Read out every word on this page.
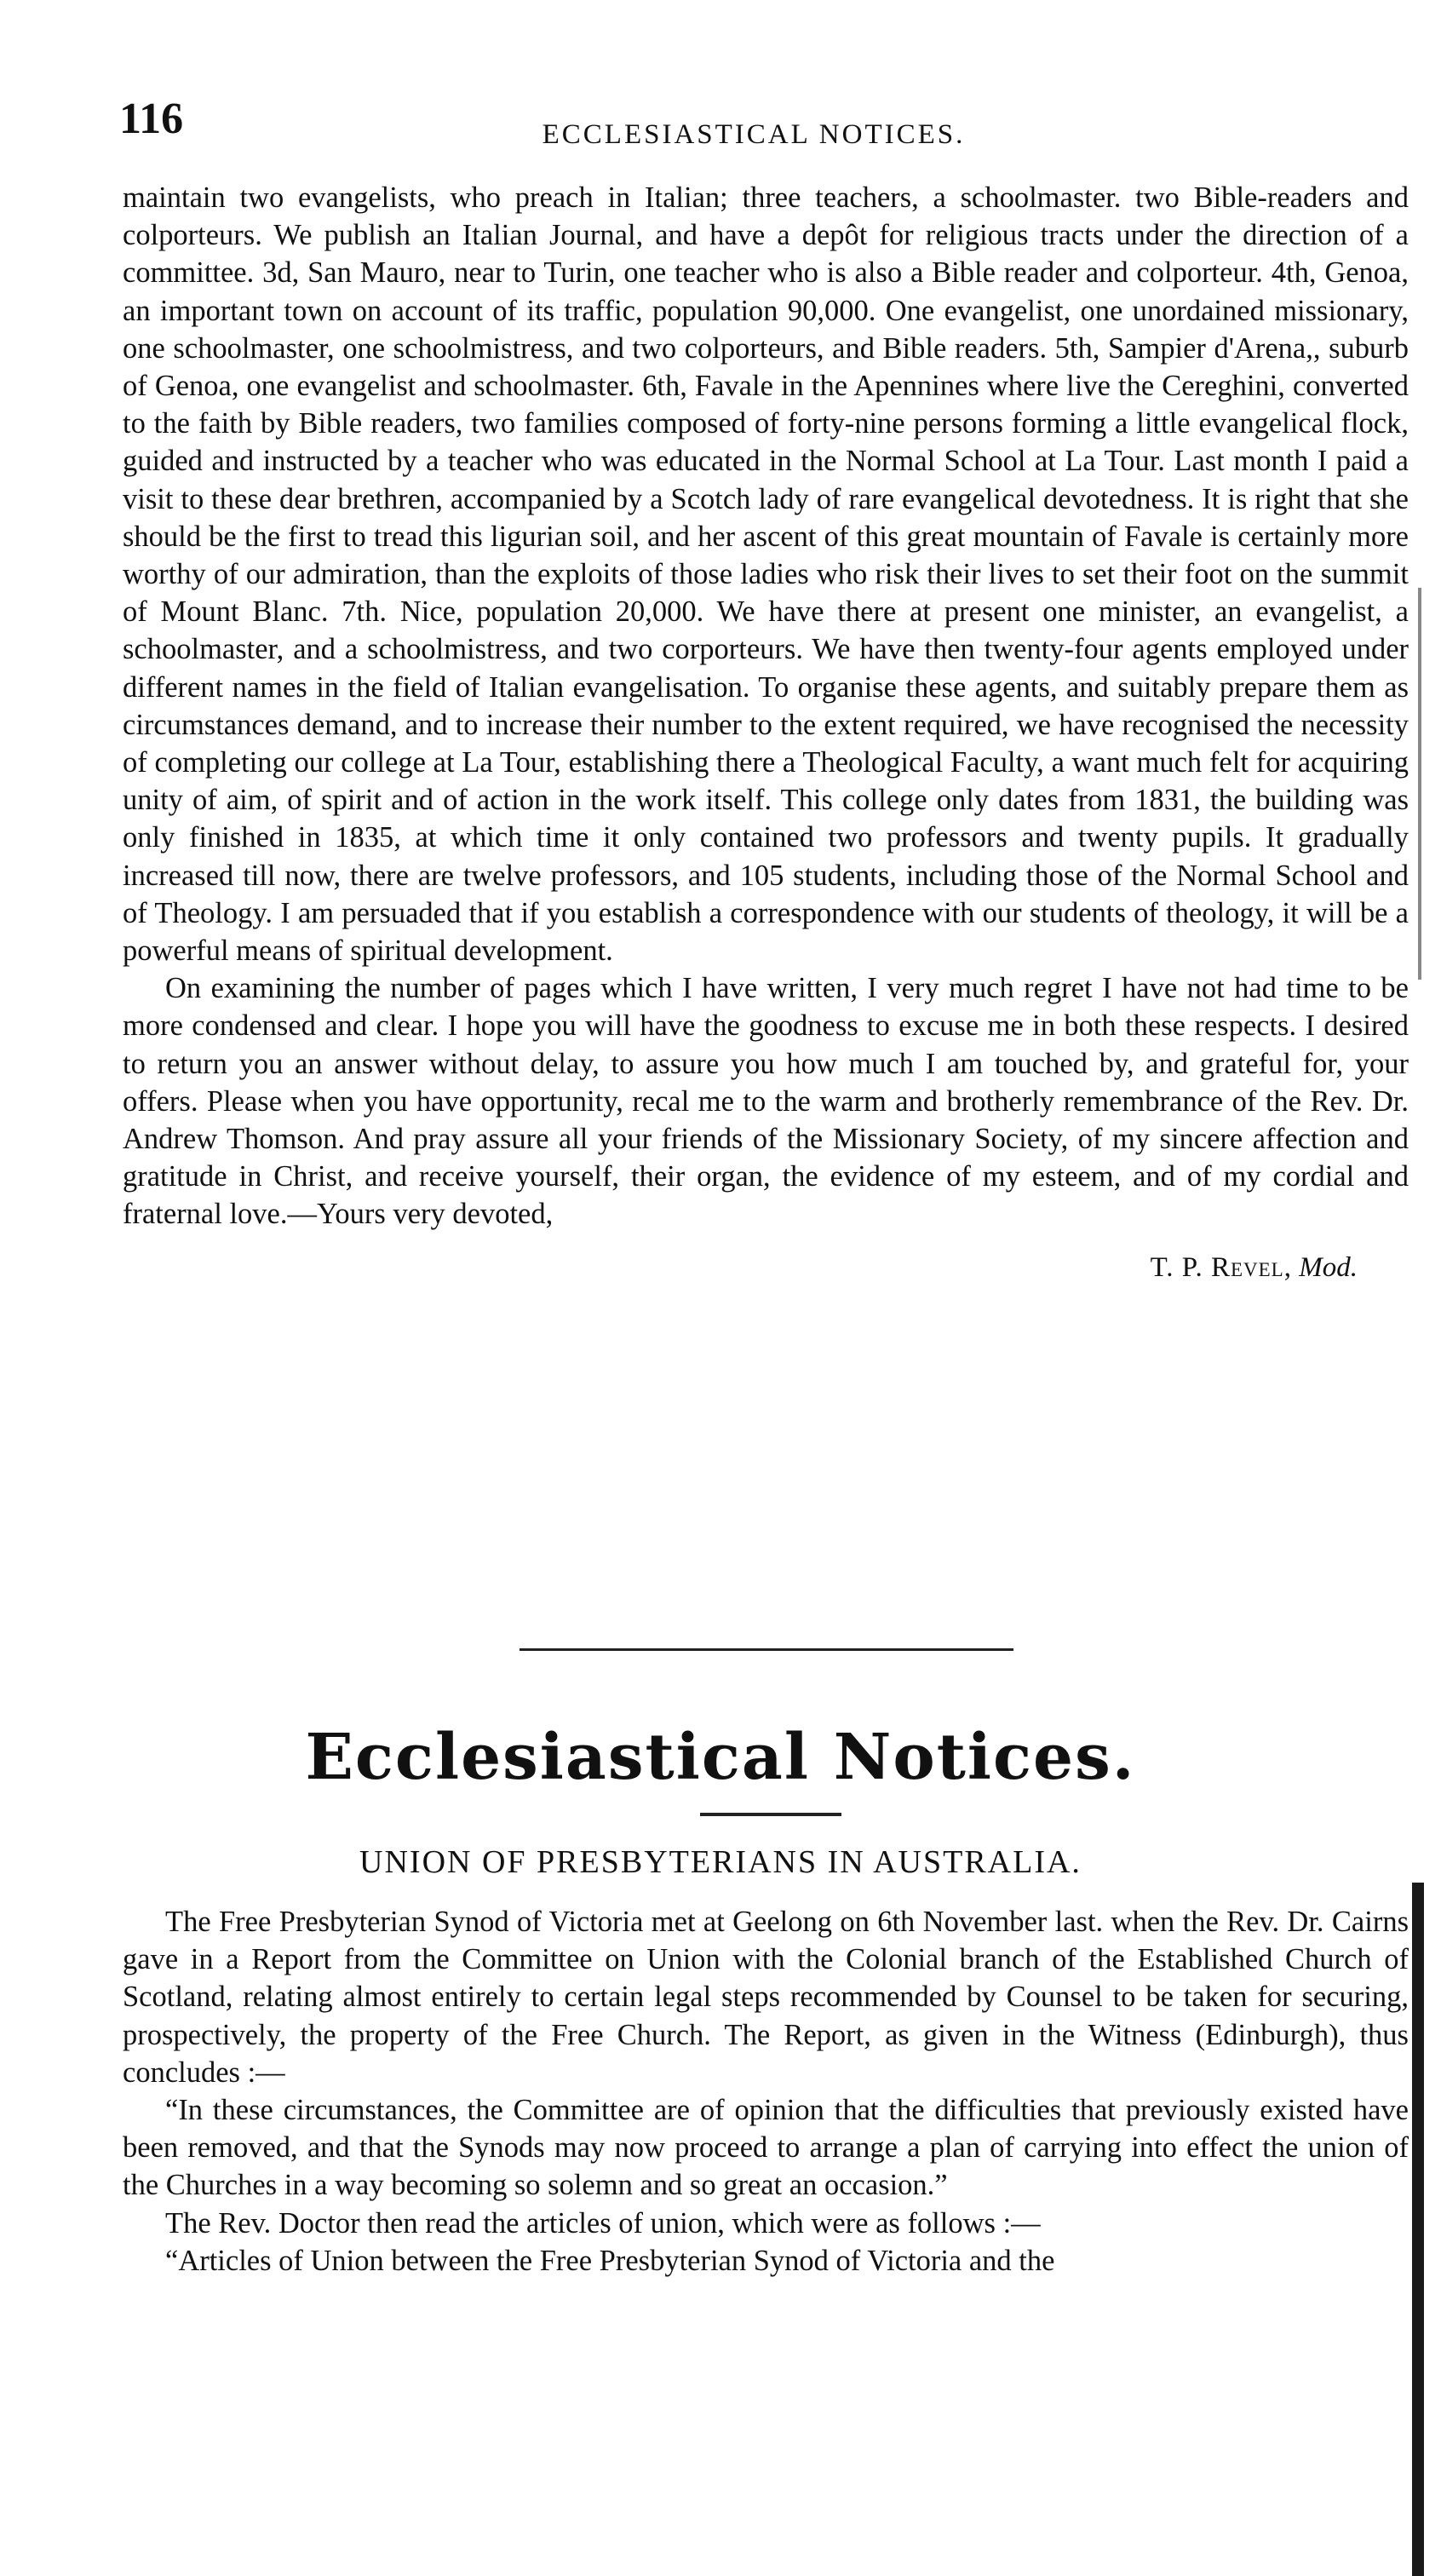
116	ECCLESIASTICAL NOTICES.

maintain two evangelists, who preach in Italian; three teachers, a schoolmaster. two Bible-readers and colporteurs. We publish an Italian Journal, and have a depôt for religious tracts under the direction of a committee. 3d, San Mauro, near to Turin, one teacher who is also a Bible reader and colporteur. 4th, Genoa, an important town on account of its traffic, population 90,000. One evangelist, one unordained missionary, one schoolmaster, one schoolmistress, and two colporteurs, and Bible readers. 5th, Sampier d'Arena,, suburb of Genoa, one evangelist and schoolmaster. 6th, Favale in the Apennines where live the Cereghini, converted to the faith by Bible readers, two families composed of forty-nine persons forming a little evangelical flock, guided and instructed by a teacher who was educated in the Normal School at La Tour. Last month I paid a visit to these dear brethren, accompanied by a Scotch lady of rare evangelical devotedness. It is right that she should be the first to tread this ligurian soil, and her ascent of this great mountain of Favale is certainly more worthy of our admiration, than the exploits of those ladies who risk their lives to set their foot on the summit of Mount Blanc. 7th. Nice, population 20,000. We have there at present one minister, an evangelist, a schoolmaster, and a schoolmistress, and two corporteurs. We have then twenty-four agents employed under different names in the field of Italian evangelisation. To organise these agents, and suitably prepare them as circumstances demand, and to increase their number to the extent required, we have recognised the necessity of completing our college at La Tour, establishing there a Theological Faculty, a want much felt for acquiring unity of aim, of spirit and of action in the work itself. This college only dates from 1831, the building was only finished in 1835, at which time it only contained two professors and twenty pupils. It gradually increased till now, there are twelve professors, and 105 students, including those of the Normal School and of Theology. I am persuaded that if you establish a correspondence with our students of theology, it will be a powerful means of spiritual development.

On examining the number of pages which I have written, I very much regret I have not had time to be more condensed and clear. I hope you will have the goodness to excuse me in both these respects. I desired to return you an answer without delay, to assure you how much I am touched by, and grateful for, your offers. Please when you have opportunity, recal me to the warm and brotherly remembrance of the Rev. Dr. Andrew Thomson. And pray assure all your friends of the Missionary Society, of my sincere affection and gratitude in Christ, and receive yourself, their organ, the evidence of my esteem, and of my cordial and fraternal love.—Yours very devoted,

T. P. Revel, Mod.
Ecclesiastical Notices.
UNION OF PRESBYTERIANS IN AUSTRALIA.

The Free Presbyterian Synod of Victoria met at Geelong on 6th November last. when the Rev. Dr. Cairns gave in a Report from the Committee on Union with the Colonial branch of the Established Church of Scotland, relating almost entirely to certain legal steps recommended by Counsel to be taken for securing, prospectively, the property of the Free Church. The Report, as given in the Witness (Edinburgh), thus concludes :—

“In these circumstances, the Committee are of opinion that the difficulties that previously existed have been removed, and that the Synods may now proceed to arrange a plan of carrying into effect the union of the Churches in a way becoming so solemn and so great an occasion.”

The Rev. Doctor then read the articles of union, which were as follows :—

“Articles of Union between the Free Presbyterian Synod of Victoria and the
